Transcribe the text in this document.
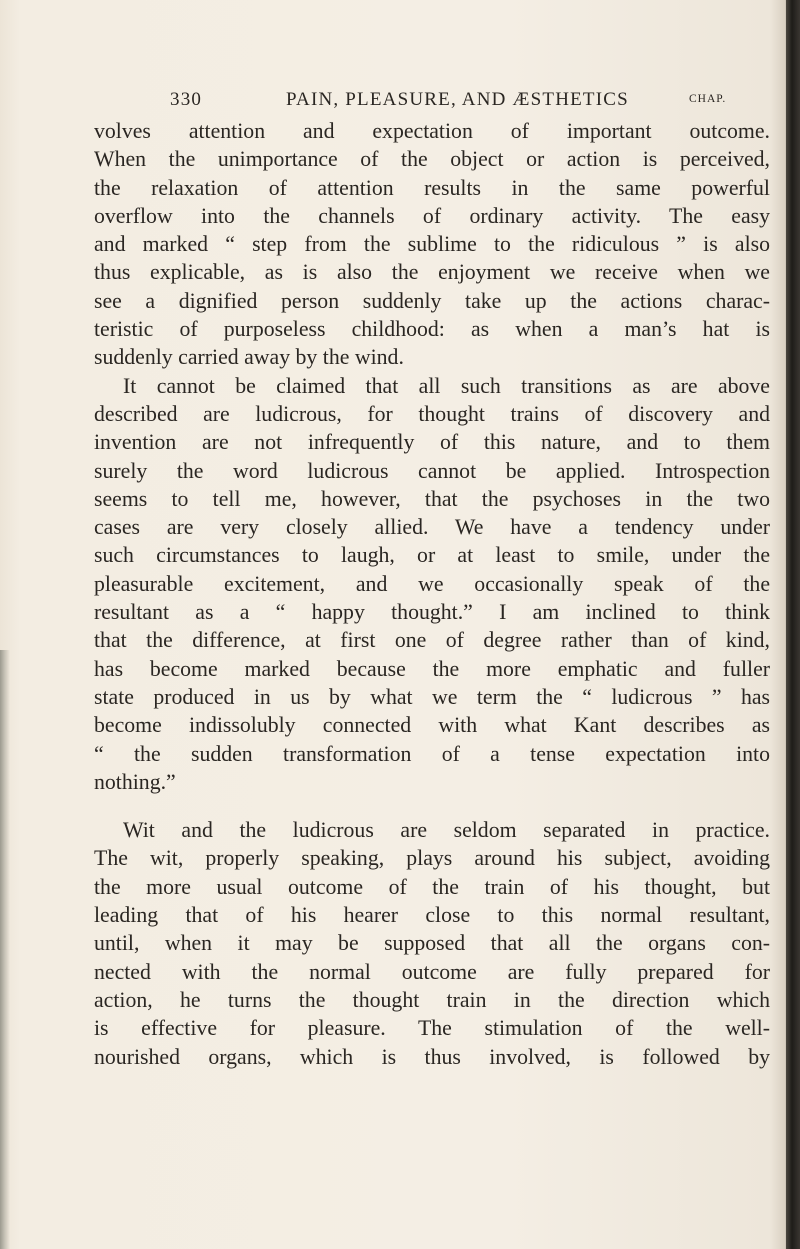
330	PAIN, PLEASURE, AND ÆSTHETICS	CHAP.
volves attention and expectation of important outcome.
When the unimportance of the object or action is perceived,
the relaxation of attention results in the same powerful
overflow into the channels of ordinary activity. The easy
and marked “ step from the sublime to the ridiculous ” is also
thus explicable, as is also the enjoyment we receive when we
see a dignified person suddenly take up the actions charac-
teristic of purposeless childhood: as when a man’s hat is
suddenly carried away by the wind.
It cannot be claimed that all such transitions as are above
described are ludicrous, for thought trains of discovery and
invention are not infrequently of this nature, and to them
surely the word ludicrous cannot be applied. Introspection
seems to tell me, however, that the psychoses in the two
cases are very closely allied. We have a tendency under
such circumstances to laugh, or at least to smile, under the
pleasurable excitement, and we occasionally speak of the
resultant as a “ happy thought.” I am inclined to think
that the difference, at first one of degree rather than of kind,
has become marked because the more emphatic and fuller
state produced in us by what we term the “ ludicrous ” has
become indissolubly connected with what Kant describes as
“ the sudden transformation of a tense expectation into
nothing.”
Wit and the ludicrous are seldom separated in practice.
The wit, properly speaking, plays around his subject, avoiding
the more usual outcome of the train of his thought, but
leading that of his hearer close to this normal resultant,
until, when it may be supposed that all the organs con-
nected with the normal outcome are fully prepared for
action, he turns the thought train in the direction which
is effective for pleasure. The stimulation of the well-
nourished organs, which is thus involved, is followed by
